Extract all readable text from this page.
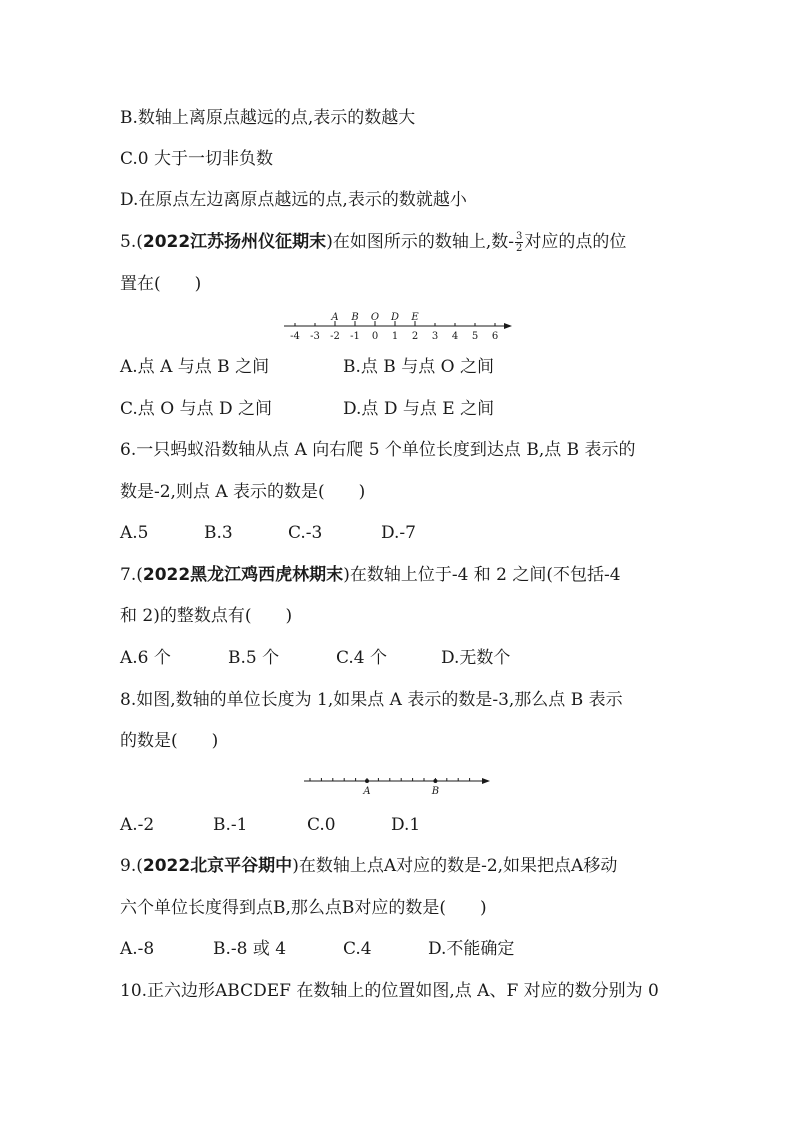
B.数轴上离原点越远的点,表示的数越大
C.0 大于一切非负数
D.在原点左边离原点越远的点,表示的数就越小
5.(2022江苏扬州仪征期末)在如图所示的数轴上,数- $\frac{3}{2}$ 对应的点的位
置在(　　)
-4 -3 -2 -1 0 1 2 3 4 5 6
A B O D E
A.点 A 与点 B 之间	B.点 B 与点 O 之间
C.点 O 与点 D 之间	D.点 D 与点 E 之间
6.一只蚂蚁沿数轴从点 A 向右爬 5 个单位长度到达点 B,点 B 表示的
数是-2,则点 A 表示的数是(　　)
A.5	B.3	C.-3	D.-7
7.(2022黑龙江鸡西虎林期末)在数轴上位于-4 和 2 之间(不包括-4
和 2)的整数点有(　　)
A.6 个	B.5 个	C.4 个	D.无数个
8.如图,数轴的单位长度为 1,如果点 A 表示的数是-3,那么点 B 表示
的数是(　　)
A	B
A.-2	B.-1	C.0	D.1
9.(2022北京平谷期中)在数轴上点A对应的数是-2,如果把点A移动
六个单位长度得到点B,那么点B对应的数是(　　)
A.-8	B.-8 或 4	C.4	D.不能确定
10.正六边形ABCDEF 在数轴上的位置如图,点 A、F 对应的数分别为 0
